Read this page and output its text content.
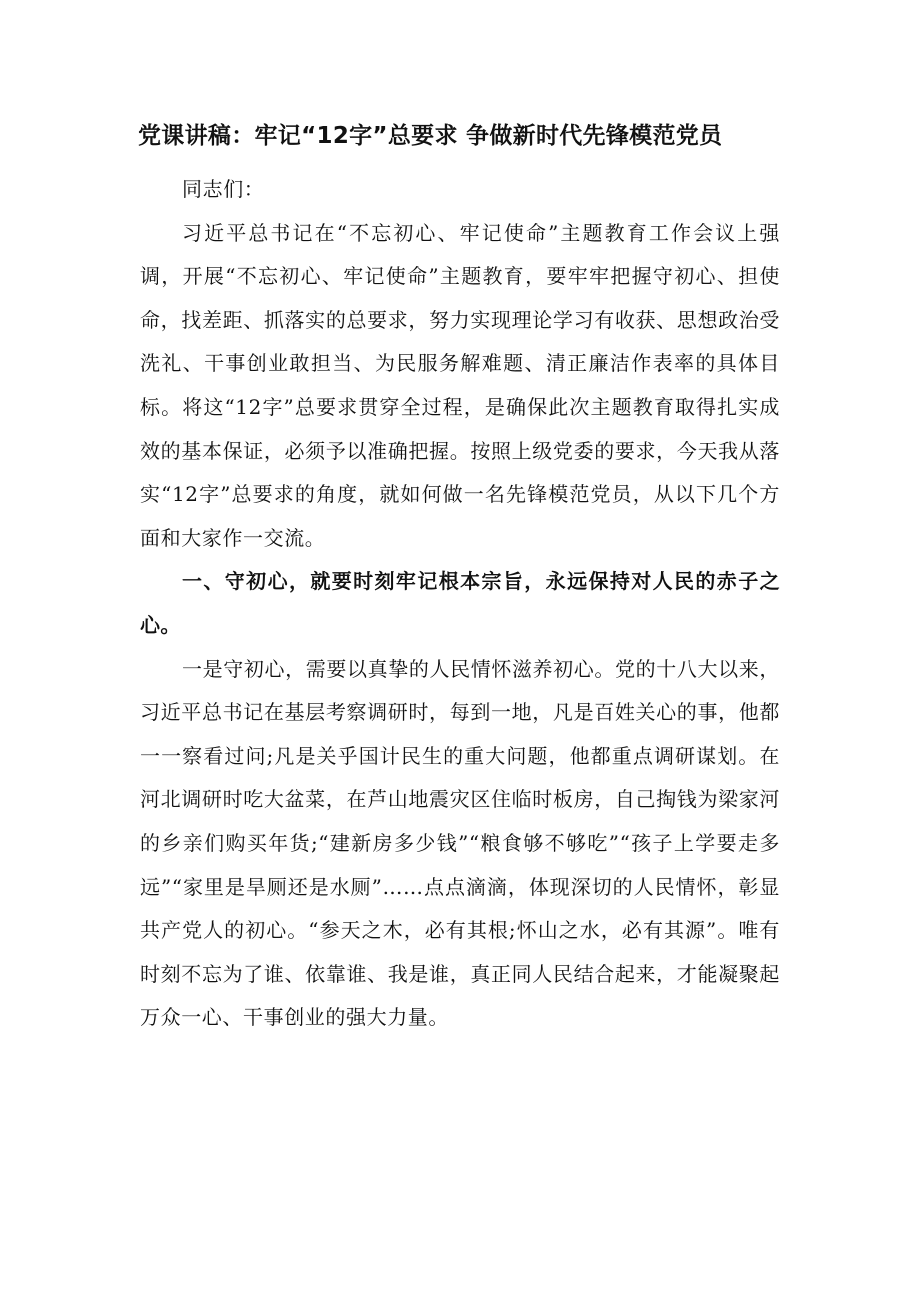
党课讲稿：牢记“12字”总要求 争做新时代先锋模范党员

同志们：

习近平总书记在“不忘初心、牢记使命”主题教育工作会议上强调，开展“不忘初心、牢记使命”主题教育，要牢牢把握守初心、担使命，找差距、抓落实的总要求，努力实现理论学习有收获、思想政治受洗礼、干事创业敢担当、为民服务解难题、清正廉洁作表率的具体目标。将这“12字”总要求贯穿全过程，是确保此次主题教育取得扎实成效的基本保证，必须予以准确把握。按照上级党委的要求，今天我从落实“12字”总要求的角度，就如何做一名先锋模范党员，从以下几个方面和大家作一交流。

一、守初心，就要时刻牢记根本宗旨，永远保持对人民的赤子之心。

一是守初心，需要以真挚的人民情怀滋养初心。党的十八大以来，习近平总书记在基层考察调研时，每到一地，凡是百姓关心的事，他都一一察看过问;凡是关乎国计民生的重大问题，他都重点调研谋划。在河北调研时吃大盆菜，在芦山地震灾区住临时板房，自己掏钱为梁家河的乡亲们购买年货;“建新房多少钱”“粮食够不够吃”“孩子上学要走多远”“家里是旱厕还是水厕”……点点滴滴，体现深切的人民情怀，彰显共产党人的初心。“参天之木，必有其根;怀山之水，必有其源”。唯有时刻不忘为了谁、依靠谁、我是谁，真正同人民结合起来，才能凝聚起万众一心、干事创业的强大力量。
